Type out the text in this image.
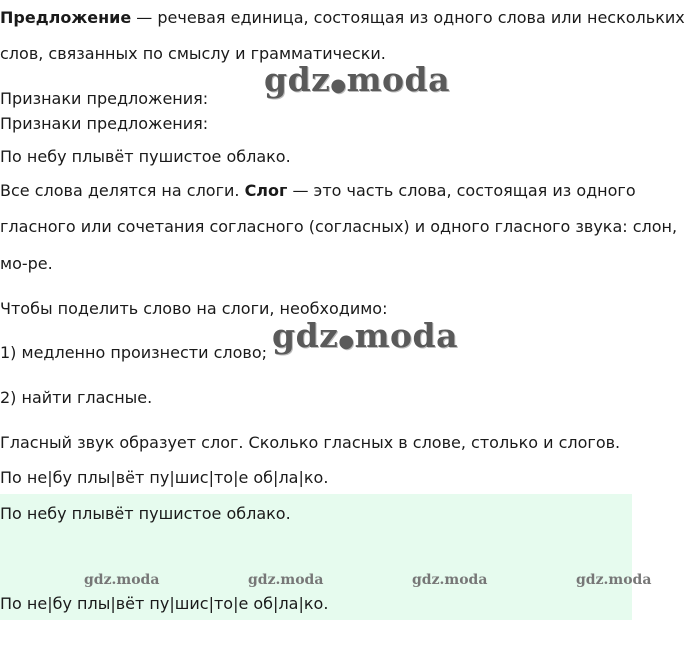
Предложение — речевая единица, состоящая из одного слова или нескольких
слов, связанных по смыслу и грамматически.
gdz●moda
Признаки предложения:
Признаки предложения:
По небу плывёт пушистое облако.
Все слова делятся на слоги. Слог — это часть слова, состоящая из одного
гласного или сочетания согласного (согласных) и одного гласного звука: слон,
мо-ре.
Чтобы поделить слово на слоги, необходимо:
gdz●moda
1) медленно произнести слово;
2) найти гласные.
Гласный звук образует слог. Сколько гласных в слове, столько и слогов.
По не|бу плы|вёт пу|шис|то|е об|ла|ко.
По небу плывёт пушистое облако.
gdz.moda	gdz.moda	gdz.moda	gdz.moda
По не|бу плы|вёт пу|шис|то|е об|ла|ко.
